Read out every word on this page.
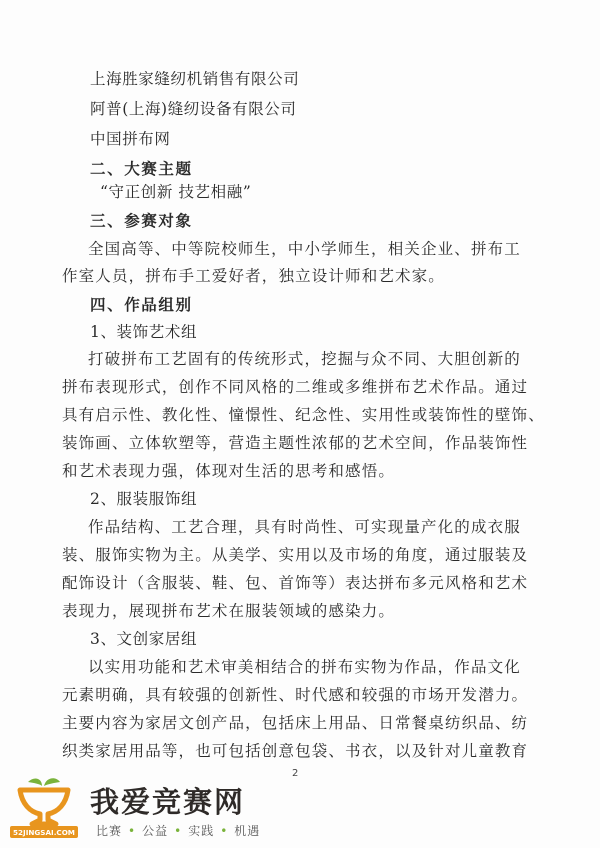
上海胜家缝纫机销售有限公司
阿普(上海)缝纫设备有限公司
中国拼布网
二、大赛主题
“守正创新 技艺相融”
三、参赛对象
全国高等、中等院校师生，中小学师生，相关企业、拼布工
作室人员，拼布手工爱好者，独立设计师和艺术家。
四、作品组别
1、装饰艺术组
打破拼布工艺固有的传统形式，挖掘与众不同、大胆创新的
拼布表现形式，创作不同风格的二维或多维拼布艺术作品。通过
具有启示性、教化性、憧憬性、纪念性、实用性或装饰性的壁饰、
装饰画、立体软塑等，营造主题性浓郁的艺术空间，作品装饰性
和艺术表现力强，体现对生活的思考和感悟。
2、服装服饰组
作品结构、工艺合理，具有时尚性、可实现量产化的成衣服
装、服饰实物为主。从美学、实用以及市场的角度，通过服装及
配饰设计（含服装、鞋、包、首饰等）表达拼布多元风格和艺术
表现力，展现拼布艺术在服装领域的感染力。
3、文创家居组
以实用功能和艺术审美相结合的拼布实物为作品，作品文化
元素明确，具有较强的创新性、时代感和较强的市场开发潜力。
主要内容为家居文创产品，包括床上用品、日常餐桌纺织品、纺
织类家居用品等，也可包括创意包袋、书衣，以及针对儿童教育
2
52JINGSAI.COM
我爱竞赛网
比赛 • 公益 • 实践 • 机遇
